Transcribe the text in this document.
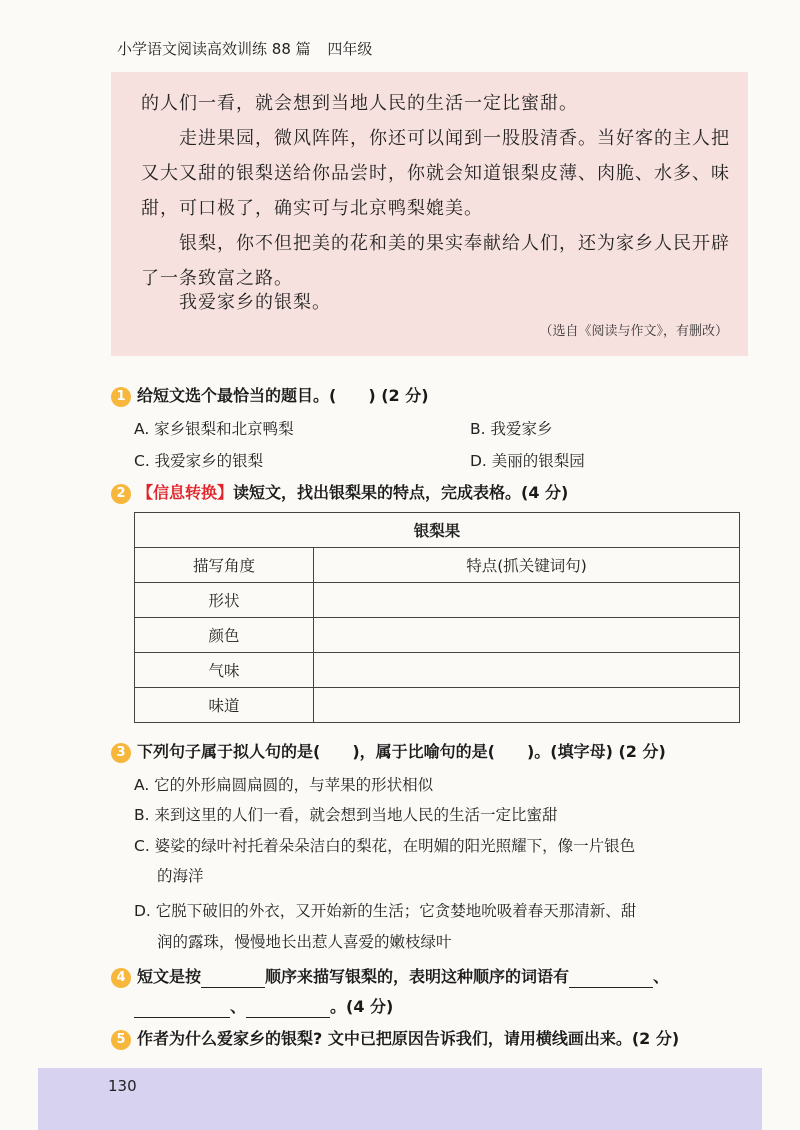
小学语文阅读高效训练 88 篇 四年级

的人们一看，就会想到当地人民的生活一定比蜜甜。

　　走进果园，微风阵阵，你还可以闻到一股股清香。当好客的主人把又大又甜的银梨送给你品尝时，你就会知道银梨皮薄、肉脆、水多、味甜，可口极了，确实可与北京鸭梨媲美。

　　银梨，你不但把美的花和美的果实奉献给人们，还为家乡人民开辟了一条致富之路。

　　我爱家乡的银梨。

（选自《阅读与作文》，有删改）
1 给短文选个最恰当的题目。(　　) (2 分)
A. 家乡银梨和北京鸭梨	B. 我爱家乡
C. 我爱家乡的银梨	D. 美丽的银梨园
2 【信息转换】读短文，找出银梨果的特点，完成表格。(4 分)
银梨果	
描写角度	特点(抓关键词句)
形状	
颜色	
气味	
味道	
3 下列句子属于拟人句的是(　　)，属于比喻句的是(　　)。(填字母) (2 分)
A. 它的外形扁圆扁圆的，与苹果的形状相似
B. 来到这里的人们一看，就会想到当地人民的生活一定比蜜甜
C. 婆娑的绿叶衬托着朵朵洁白的梨花，在明媚的阳光照耀下，像一片银色
的海洋
D. 它脱下破旧的外衣，又开始新的生活；它贪婪地吮吸着春天那清新、甜
润的露珠，慢慢地长出惹人喜爱的嫩枝绿叶
4 短文是按	顺序来描写银梨的，表明这种顺序的词语有	、
、	。(4 分)
5 作者为什么爱家乡的银梨? 文中已把原因告诉我们，请用横线画出来。(2 分)
130
